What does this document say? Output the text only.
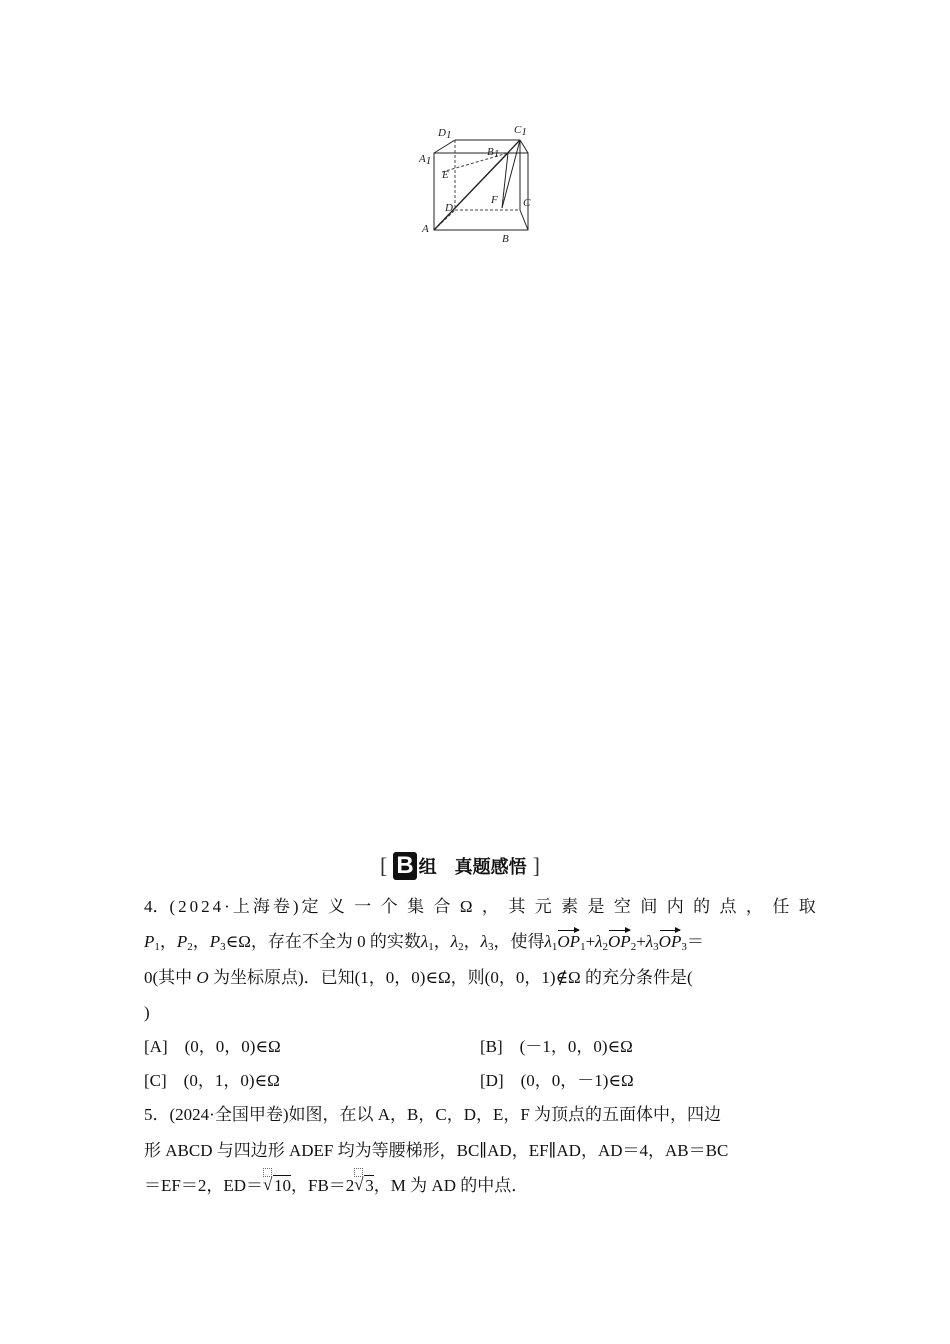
D1	C1
A1
B1
E
D
F C
A
B
[ B 组 真题感悟 ]
4．(2024·上海卷)定义一个集合Ω，其元素是空间内的点，任取
$P_1$，$P_2$，$P_3\in\Omega$，存在不全为 0 的实数$\lambda_1$，$\lambda_2$，$\lambda_3$，使得$\lambda_1OP_1+\lambda_2OP_2+\lambda_3OP_3=$
0(其中 O 为坐标原点)．已知(1，0，0)∈Ω，则(0，0，1)∉Ω 的充分条件是(
)
[A]　(0，0，0)∈Ω	[B]　(－1，0，0)∈Ω
[C]　(0，1，0)∈Ω	[D]　(0，0，－1)∈Ω
5．(2024·全国甲卷)如图，在以 A，B，C，D，E，F 为顶点的五面体中，四边
形 ABCD 与四边形 ADEF 均为等腰梯形，BC∥AD，EF∥AD，AD＝4，AB＝BC
＝EF＝2，ED＝ √ 10，FB＝2 √ 3，M 为 AD 的中点．
